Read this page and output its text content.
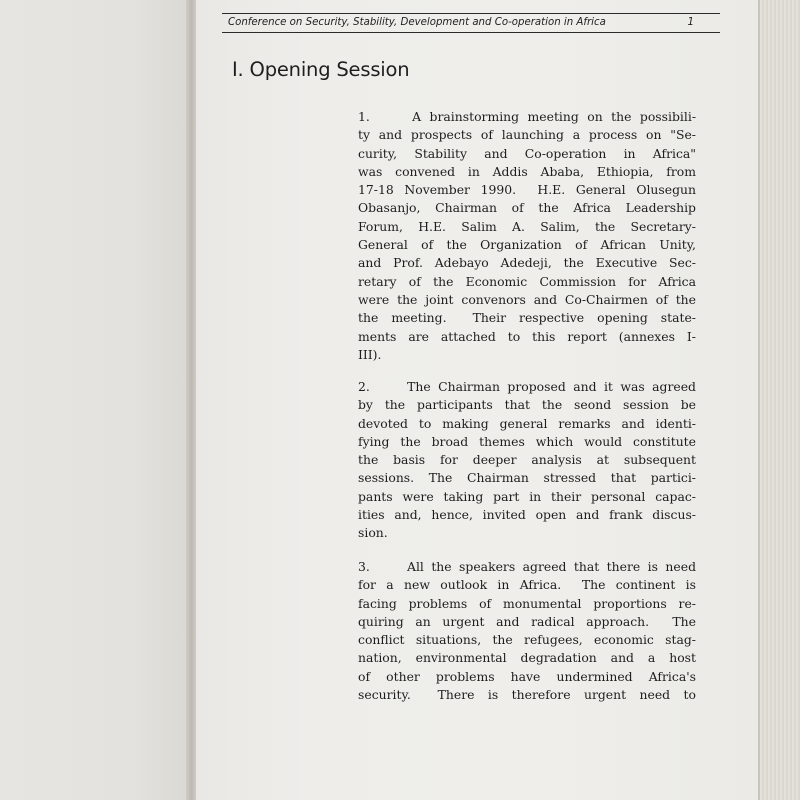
Conference on Security, Stability, Development and Co-operation in Africa	1
I. Opening Session
1.     A brainstorming meeting on the possibili-
ty and prospects of launching a process on "Se-
curity, Stability and Co-operation in Africa"
was convened in Addis Ababa, Ethiopia, from
17-18 November 1990.  H.E. General Olusegun
Obasanjo, Chairman of the Africa Leadership
Forum, H.E. Salim A. Salim, the Secretary-
General of the Organization of African Unity,
and Prof. Adebayo Adedeji, the Executive Sec-
retary of the Economic Commission for Africa
were the joint convenors and Co-Chairmen of the
the meeting.  Their respective opening state-
ments are attached to this report (annexes I-
III).
2.     The Chairman proposed and it was agreed
by the participants that the seond session be
devoted to making general remarks and identi-
fying the broad themes which would constitute
the basis for deeper analysis at subsequent
sessions. The Chairman stressed that partici-
pants were taking part in their personal capac-
ities and, hence, invited open and frank discus-
sion.
3.     All the speakers agreed that there is need
for a new outlook in Africa.  The continent is
facing problems of monumental proportions re-
quiring an urgent and radical approach.  The
conflict situations, the refugees, economic stag-
nation, environmental degradation and a host
of other problems have undermined Africa's
security.  There is therefore urgent need to
